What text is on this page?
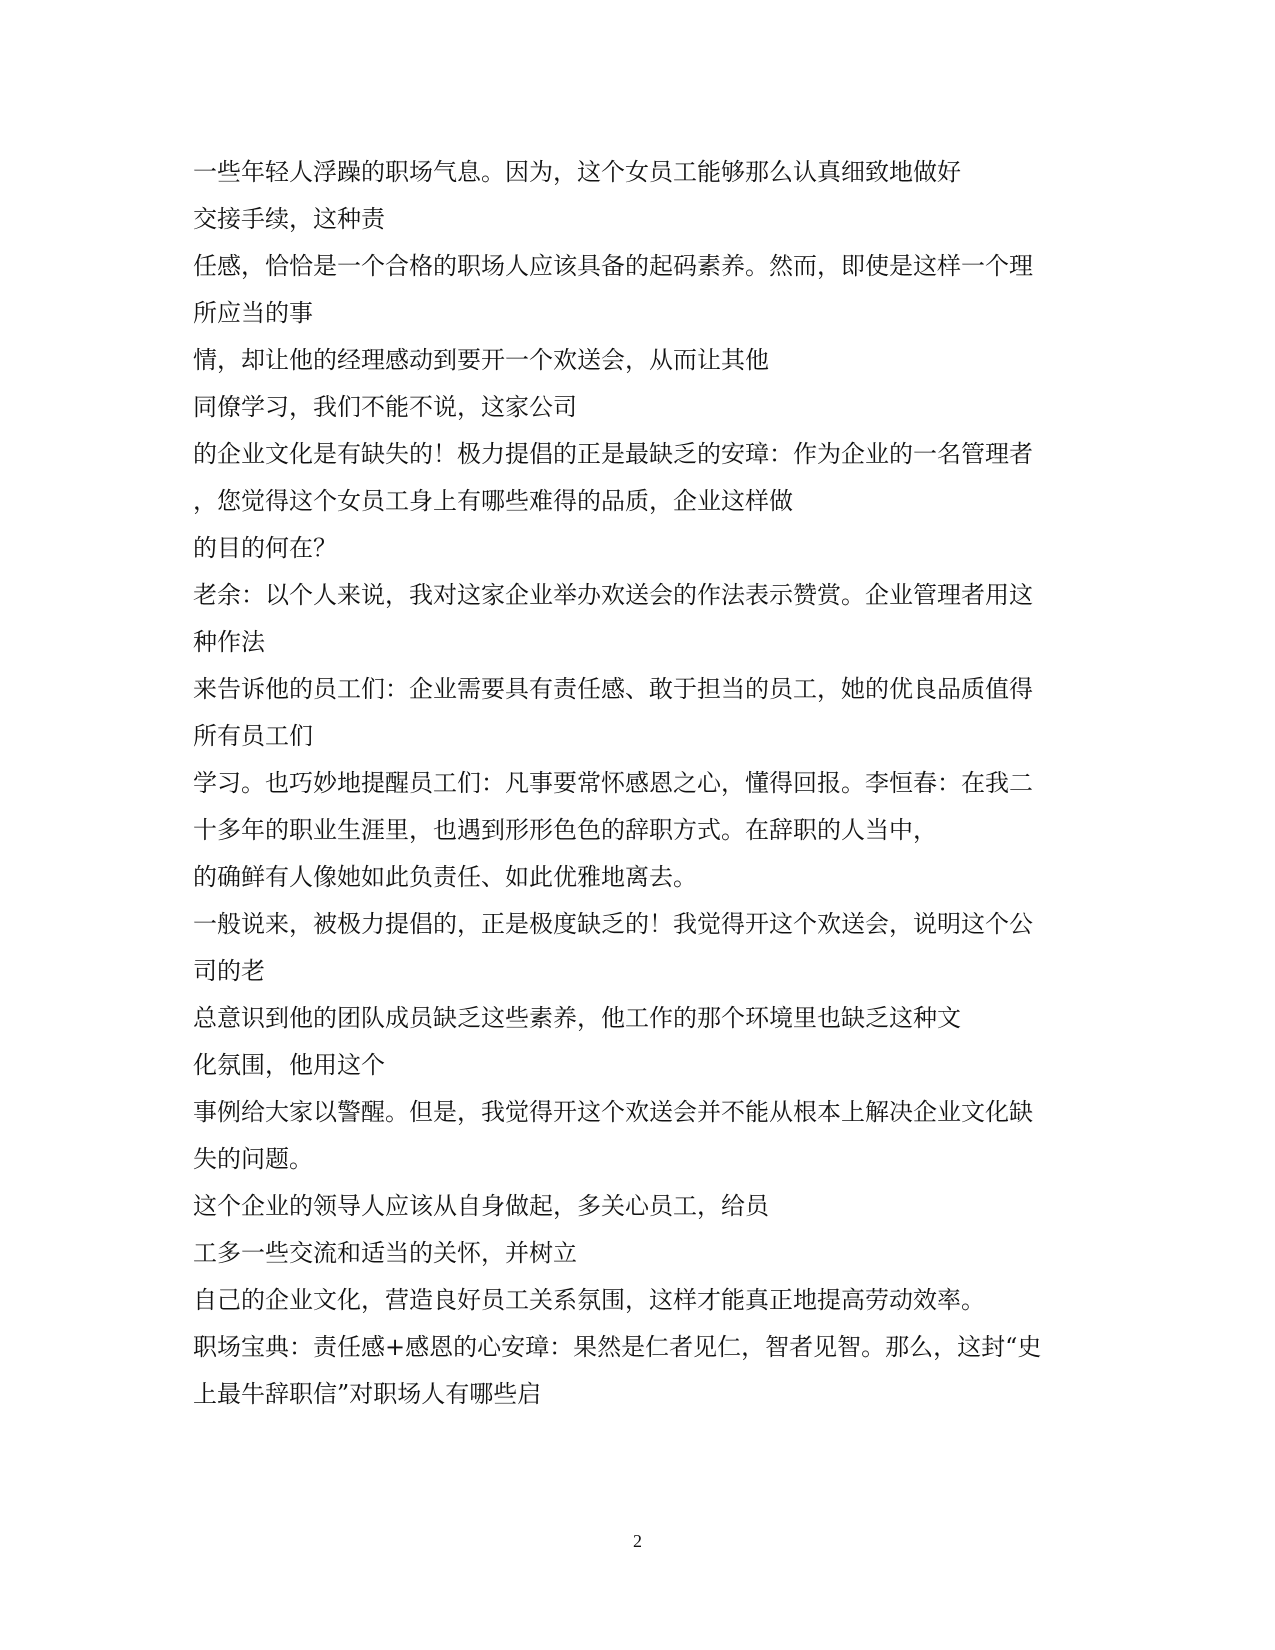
一些年轻人浮躁的职场气息。因为，这个女员工能够那么认真细致地做好
交接手续，这种责
任感，恰恰是一个合格的职场人应该具备的起码素养。然而，即使是这样一个理
所应当的事
情，却让他的经理感动到要开一个欢送会，从而让其他
同僚学习，我们不能不说，这家公司
的企业文化是有缺失的！极力提倡的正是最缺乏的安璋：作为企业的一名管理者
，您觉得这个女员工身上有哪些难得的品质，企业这样做
的目的何在？
老余：以个人来说，我对这家企业举办欢送会的作法表示赞赏。企业管理者用这
种作法
来告诉他的员工们：企业需要具有责任感、敢于担当的员工，她的优良品质值得
所有员工们
学习。也巧妙地提醒员工们：凡事要常怀感恩之心，懂得回报。李恒春：在我二
十多年的职业生涯里，也遇到形形色色的辞职方式。在辞职的人当中，
的确鲜有人像她如此负责任、如此优雅地离去。
一般说来，被极力提倡的，正是极度缺乏的！我觉得开这个欢送会，说明这个公
司的老
总意识到他的团队成员缺乏这些素养，他工作的那个环境里也缺乏这种文
化氛围，他用这个
事例给大家以警醒。但是，我觉得开这个欢送会并不能从根本上解决企业文化缺
失的问题。
这个企业的领导人应该从自身做起，多关心员工，给员
工多一些交流和适当的关怀，并树立
自己的企业文化，营造良好员工关系氛围，这样才能真正地提高劳动效率。
职场宝典：责任感+感恩的心安璋：果然是仁者见仁，智者见智。那么，这封“史
上最牛辞职信”对职场人有哪些启
2
